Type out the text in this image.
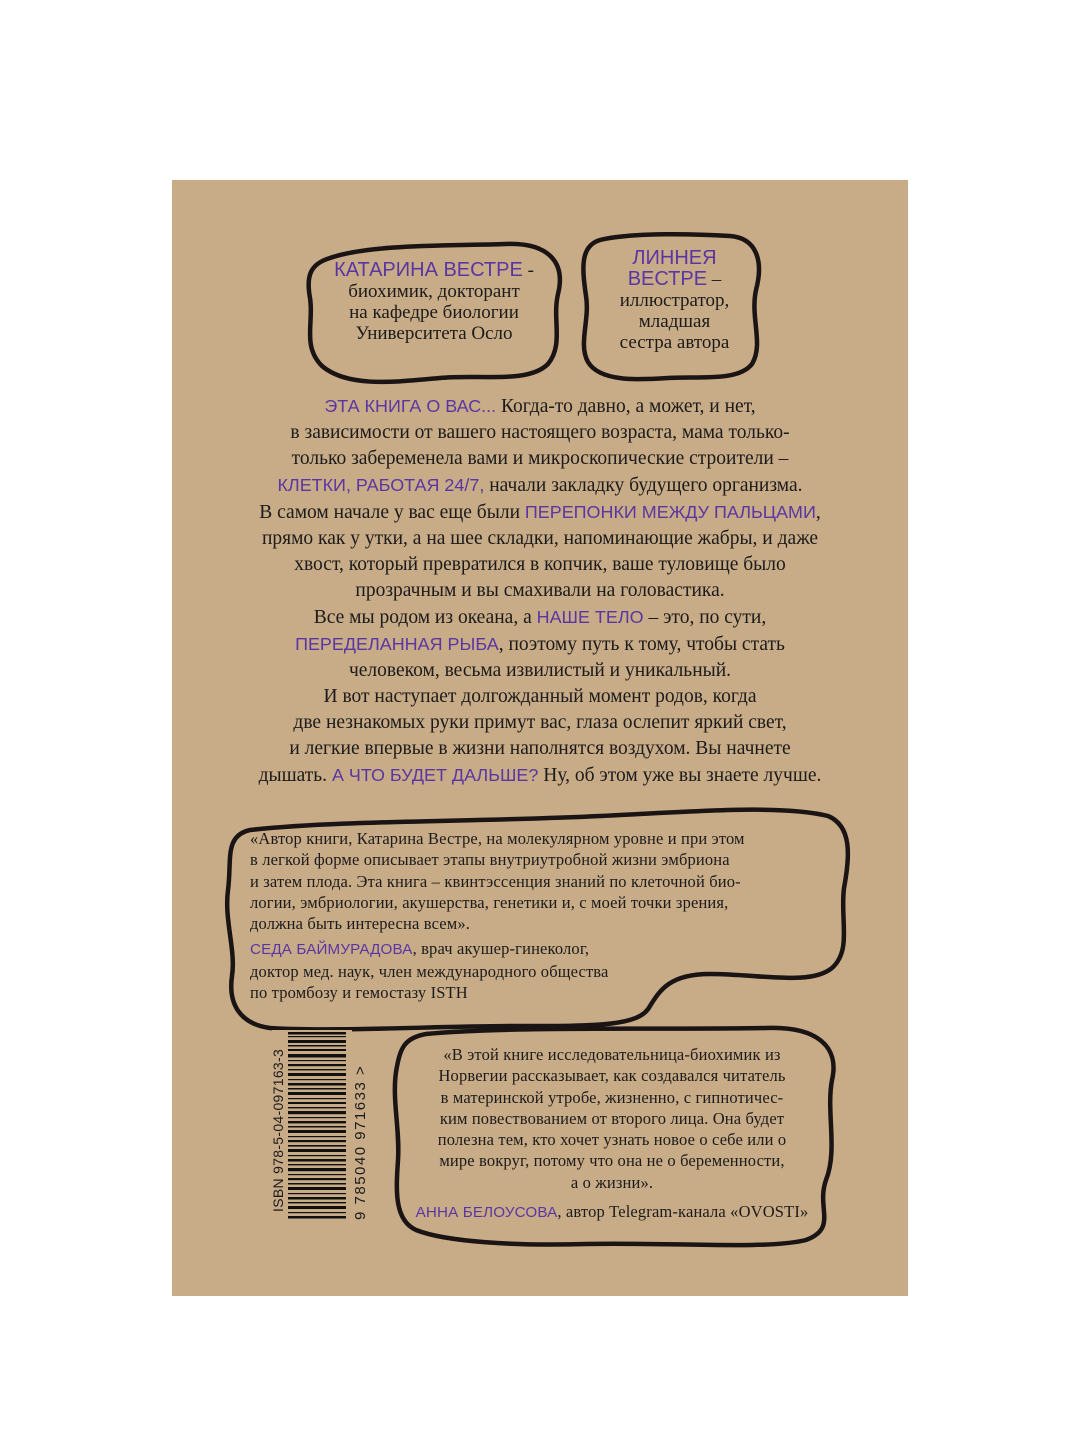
КАТАРИНА ВЕСТРЕ -
биохимик, докторант
на кафедре биологии
Университета Осло
ЛИННЕЯ
ВЕСТРЕ –
иллюстратор,
младшая
сестра автора
ЭТА КНИГА О ВАС... Когда-то давно, а может, и нет,
в зависимости от вашего настоящего возраста, мама только-
только забеременела вами и микроскопические строители –
КЛЕТКИ, РАБОТАЯ 24/7, начали закладку будущего организма.
В самом начале у вас еще были ПЕРЕПОНКИ МЕЖДУ ПАЛЬЦАМИ,
прямо как у утки, а на шее складки, напоминающие жабры, и даже
хвост, который превратился в копчик, ваше туловище было
прозрачным и вы смахивали на головастика.
Все мы родом из океана, а НАШЕ ТЕЛО – это, по сути,
ПЕРЕДЕЛАННАЯ РЫБА, поэтому путь к тому, чтобы стать
человеком, весьма извилистый и уникальный.
И вот наступает долгожданный момент родов, когда
две незнакомых руки примут вас, глаза ослепит яркий свет,
и легкие впервые в жизни наполнятся воздухом. Вы начнете
дышать. А ЧТО БУДЕТ ДАЛЬШЕ? Ну, об этом уже вы знаете лучше.
«Автор книги, Катарина Вестре, на молекулярном уровне и при этом
в легкой форме описывает этапы внутриутробной жизни эмбриона
и затем плода. Эта книга – квинтэссенция знаний по клеточной био-
логии, эмбриологии, акушерства, генетики и, с моей точки зрения,
должна быть интересна всем».
СЕДА БАЙМУРАДОВА, врач акушер-гинеколог,
доктор мед. наук, член международного общества
по тромбозу и гемостазу ISTH
«В этой книге исследовательница-биохимик из
Норвегии рассказывает, как создавался читатель
в материнской утробе, жизненно, с гипнотичес-
ким повествованием от второго лица. Она будет
полезна тем, кто хочет узнать новое о себе или о
мире вокруг, потому что она не о беременности,
а о жизни».
АННА БЕЛОУСОВА, автор Telegram-канала «OVOSTI»
ISBN 978-5-04-097163-3	9 785040 971633 >
